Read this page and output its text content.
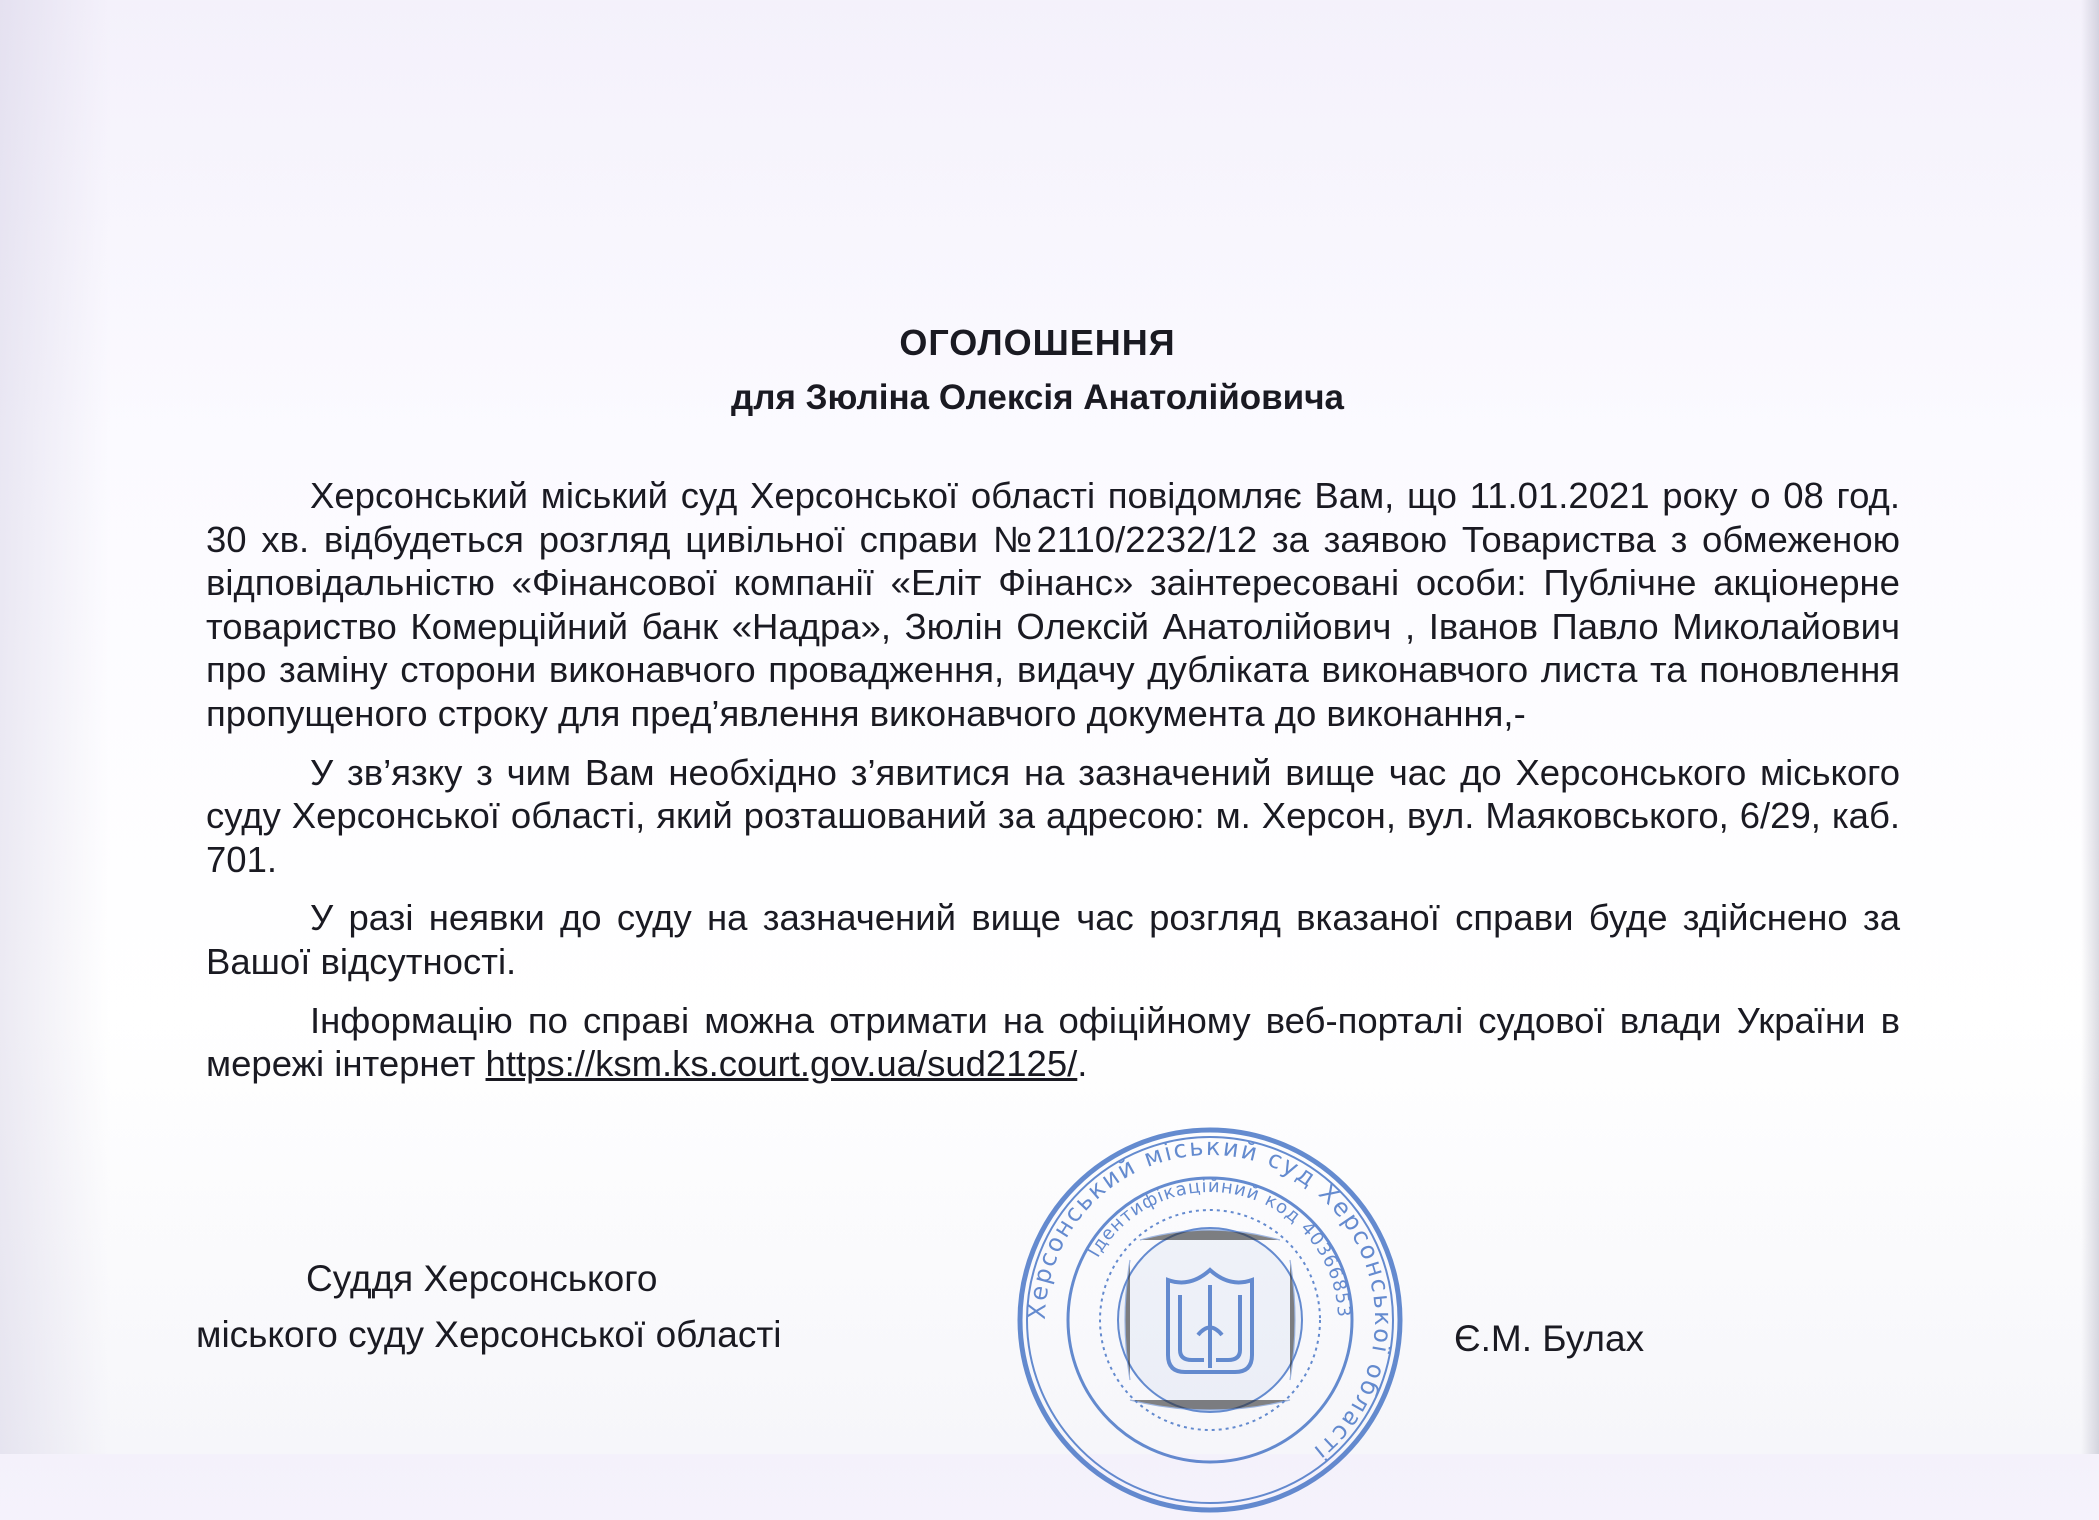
ОГОЛОШЕННЯ
для Зюліна Олексія Анатолійовича

Херсонський міський суд Херсонської області повідомляє Вам, що 11.01.2021 року о 08 год. 30 хв. відбудеться розгляд цивільної справи №2110/2232/12 за заявою Товариства з обмеженою відповідальністю «Фінансової компанії «Еліт Фінанс» заінтересовані особи: Публічне акціонерне товариство Комерційний банк «Надра», Зюлін Олексій Анатолійович , Іванов Павло Миколайович про заміну сторони виконавчого провадження, видачу дубліката виконавчого листа та поновлення пропущеного строку для пред’явлення виконавчого документа до виконання,-

У зв’язку з чим Вам необхідно з’явитися на зазначений вище час до Херсонського міського суду Херсонської області, який розташований за адресою: м. Херсон, вул. Маяковського, 6/29, каб. 701.

У разі неявки до суду на зазначений вище час розгляд вказаної справи буде здійснено за Вашої відсутності.

Інформацію по справі можна отримати на офіційному веб-порталі судової влади України в мережі інтернет https://ksm.ks.court.gov.ua/sud2125/.

Суддя Херсонського
міського суду Херсонської області	Є.М. Булах
Херсонський міський суд Херсонської області
Ідентифікаційний код 40366853
